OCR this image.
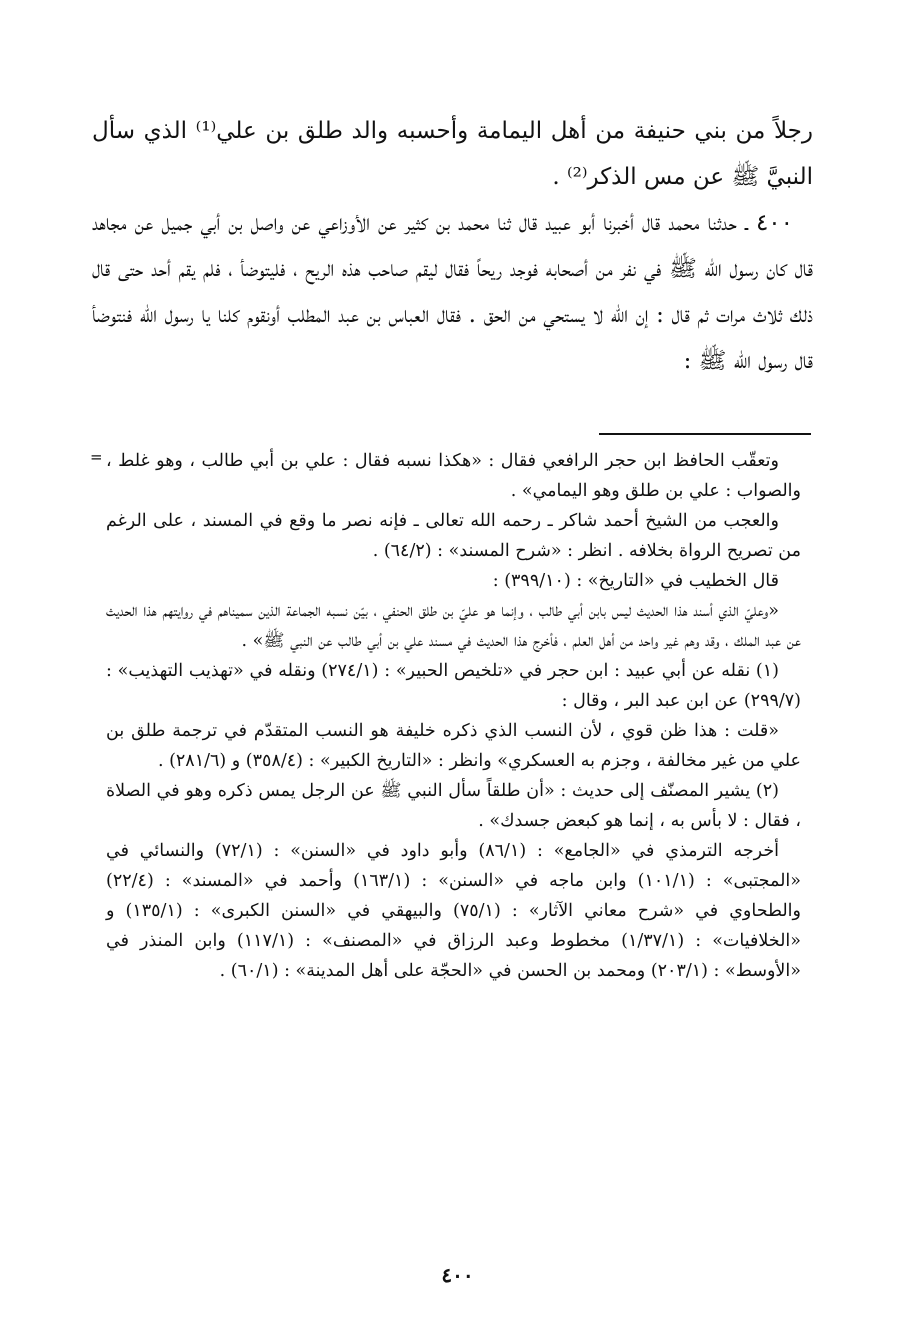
رجلاً من بني حنيفة من أهل اليمامة وأحسبه والد طلق بن علي⁽¹⁾ الذي سأل النبيَّ ﷺ عن مس الذكر⁽²⁾ .

٤٠٠ ـ حدثنا محمد قال أخبرنا أبو عبيد قال ثنا محمد بن كثير عن الأوزاعي عن واصل بن أبي جميل عن مجاهد قال كان رسول الله ﷺ في نفر من أصحابه فوجد ريحاً فقال ليقم صاحب هذه الريح ، فليتوضأ ، فلم يقم أحد حتى قال ذلك ثلاث مرات ثم قال : إن الله لا يستحي من الحق . فقال العباس بن عبد المطلب أونقوم كلنا يا رسول الله فنتوضأ قال رسول الله ﷺ :

= وتعقّب الحافظ ابن حجر الرافعي فقال : «هكذا نسبه فقال : علي بن أبي طالب ، وهو غلط ، والصواب : علي بن طلق وهو اليمامي» .

والعجب من الشيخ أحمد شاكر ـ رحمه الله تعالى ـ فإنه نصر ما وقع في المسند ، على الرغم من تصريح الرواة بخلافه . انظر : «شرح المسند» : (٦٤/٢) .

قال الخطيب في «التاريخ» : (٣٩٩/١٠) :

«وعليّ الذي أسند هذا الحديث ليس بابن أبي طالب ، وإنما هو عليّ بن طلق الحنفي ، بيّن نسبه الجماعة الذين سميناهم في روايتهم هذا الحديث عن عبد الملك ، وقد وهم غير واحد من أهل العلم ، فأخرج هذا الحديث في مسند علي بن أبي طالب عن النبي ﷺ» .

(١) نقله عن أبي عبيد : ابن حجر في «تلخيص الحبير» : (٢٧٤/١) ونقله في «تهذيب التهذيب» : (٢٩٩/٧) عن ابن عبد البر ، وقال :

«قلت : هذا ظن قوي ، لأن النسب الذي ذكره خليفة هو النسب المتقدّم في ترجمة طلق بن علي من غير مخالفة ، وجزم به العسكري» وانظر : «التاريخ الكبير» : (٣٥٨/٤) و (٢٨١/٦) .

(٢) يشير المصنّف إلى حديث : «أن طلقاً سأل النبي ﷺ عن الرجل يمس ذكره وهو في الصلاة ، فقال : لا بأس به ، إنما هو كبعض جسدك» .

أخرجه الترمذي في «الجامع» : (٨٦/١) وأبو داود في «السنن» : (٧٢/١) والنسائي في «المجتبى» : (١٠١/١) وابن ماجه في «السنن» : (١٦٣/١) وأحمد في «المسند» : (٢٢/٤) والطحاوي في «شرح معاني الآثار» : (٧٥/١) والبيهقي في «السنن الكبرى» : (١٣٥/١) و «الخلافيات» : (١/٣٧/١) مخطوط وعبد الرزاق في «المصنف» : (١١٧/١) وابن المنذر في «الأوسط» : (٢٠٣/١) ومحمد بن الحسن في «الحجّة على أهل المدينة» : (٦٠/١) .

٤٠٠
